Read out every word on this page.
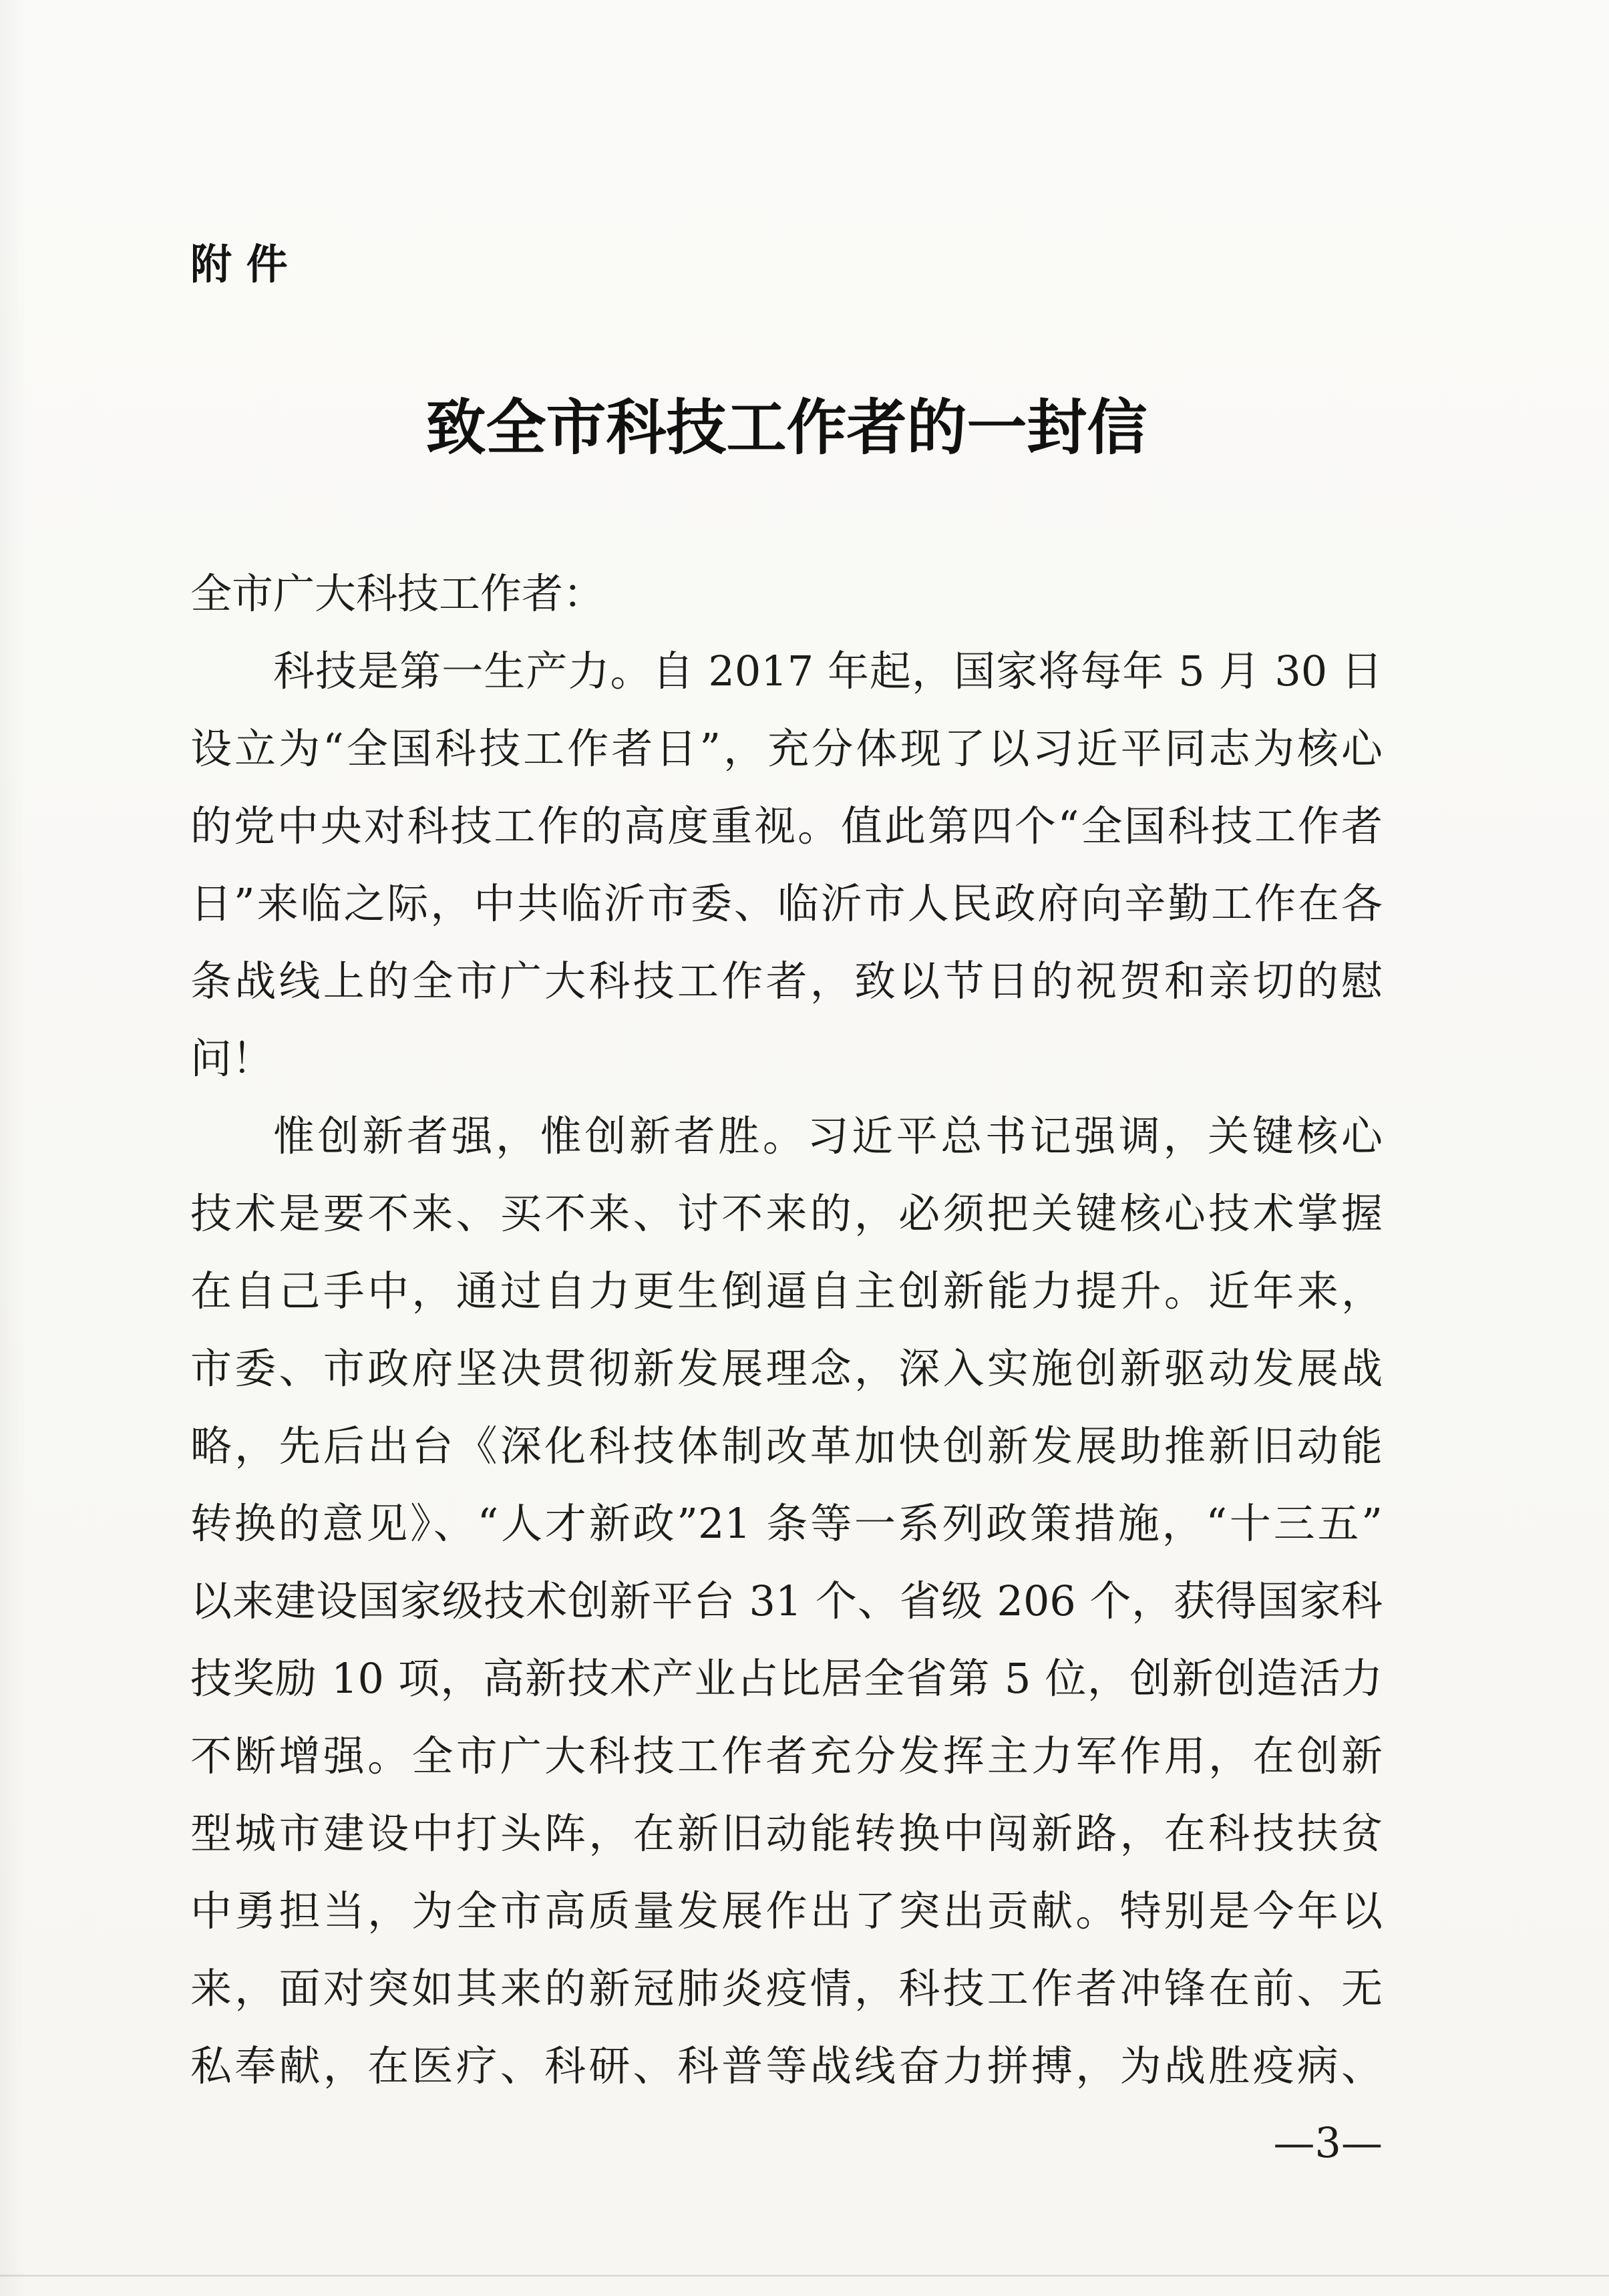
附 件
致全市科技工作者的一封信
全市广大科技工作者：
科技是第一生产力。自 2017 年起，国家将每年 5 月 30 日
设立为“全国科技工作者日”，充分体现了以习近平同志为核心
的党中央对科技工作的高度重视。值此第四个“全国科技工作者
日”来临之际，中共临沂市委、临沂市人民政府向辛勤工作在各
条战线上的全市广大科技工作者，致以节日的祝贺和亲切的慰
问！
惟创新者强，惟创新者胜。习近平总书记强调，关键核心
技术是要不来、买不来、讨不来的，必须把关键核心技术掌握
在自己手中，通过自力更生倒逼自主创新能力提升。近年来，
市委、市政府坚决贯彻新发展理念，深入实施创新驱动发展战
略，先后出台《深化科技体制改革加快创新发展助推新旧动能
转换的意见》、“人才新政”21 条等一系列政策措施，“十三五”
以来建设国家级技术创新平台 31 个、省级 206 个，获得国家科
技奖励 10 项，高新技术产业占比居全省第 5 位，创新创造活力
不断增强。全市广大科技工作者充分发挥主力军作用，在创新
型城市建设中打头阵，在新旧动能转换中闯新路，在科技扶贫
中勇担当，为全市高质量发展作出了突出贡献。特别是今年以
来，面对突如其来的新冠肺炎疫情，科技工作者冲锋在前、无
私奉献，在医疗、科研、科普等战线奋力拼搏，为战胜疫病、
—3—
